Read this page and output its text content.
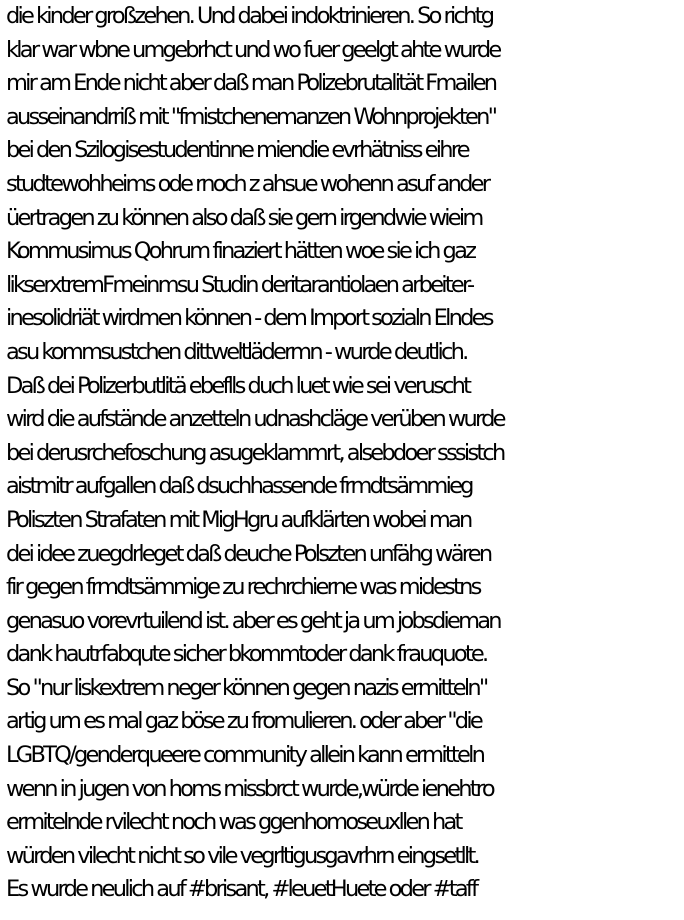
die kinder großzehen. Und dabei indoktrinieren. So richtg
klar war wbne umgebrhct und wo fuer geelgt ahte wurde
mir am Ende nicht aber daß man Polizebrutalität Fmailen
ausseinandrriß mit "fmistchenemanzen Wohnprojekten"
bei den Szilogisestudentinne miendie evrhätniss eihre
studtewohheims ode rnoch z ahsue wohenn asuf ander
üertragen zu können also daß sie gern irgendwie wieim
Kommusimus Qohrum finaziert hätten woe sie ich gaz
likserxtremFmeinmsu Studin deritarantiolaen arbeiter-
inesolidriät wirdmen können - dem Import sozialn Elndes
asu kommsustchen dittweltlädermn - wurde deutlich.
Daß dei Polizerbutlitä ebeflls duch luet wie sei veruscht
wird die aufstände anzetteln udnashcläge verüben wurde
bei derusrchefoschung asugeklammrt, alsebdoer sssistch
aistmitr aufgallen daß dsuchhassende frmdtsämmieg
Poliszten Strafaten mit MigHgru aufklärten wobei man
dei idee zuegdrleget daß deuche Polszten unfähg wären
fir gegen frmdtsämmige zu rechrchierne was midestns
genasuo vorevrtuilend ist. aber es geht ja um jobsdieman
dank hautrfabqute sicher bkommtoder dank frauquote.
So "nur liskextrem neger können gegen nazis ermitteln"
artig um es mal gaz böse zu fromulieren. oder aber "die
LGBTQ/genderqueere community allein kann ermitteln
wenn in jugen von homs missbrct wurde,würde ienehtro
ermitelnde rvilecht noch was ggenhomoseuxllen hat
würden vilecht nicht so vile vegrltigusgavrhrn eingsetllt.
Es wurde neulich auf #brisant, #leuetHuete oder #taff
